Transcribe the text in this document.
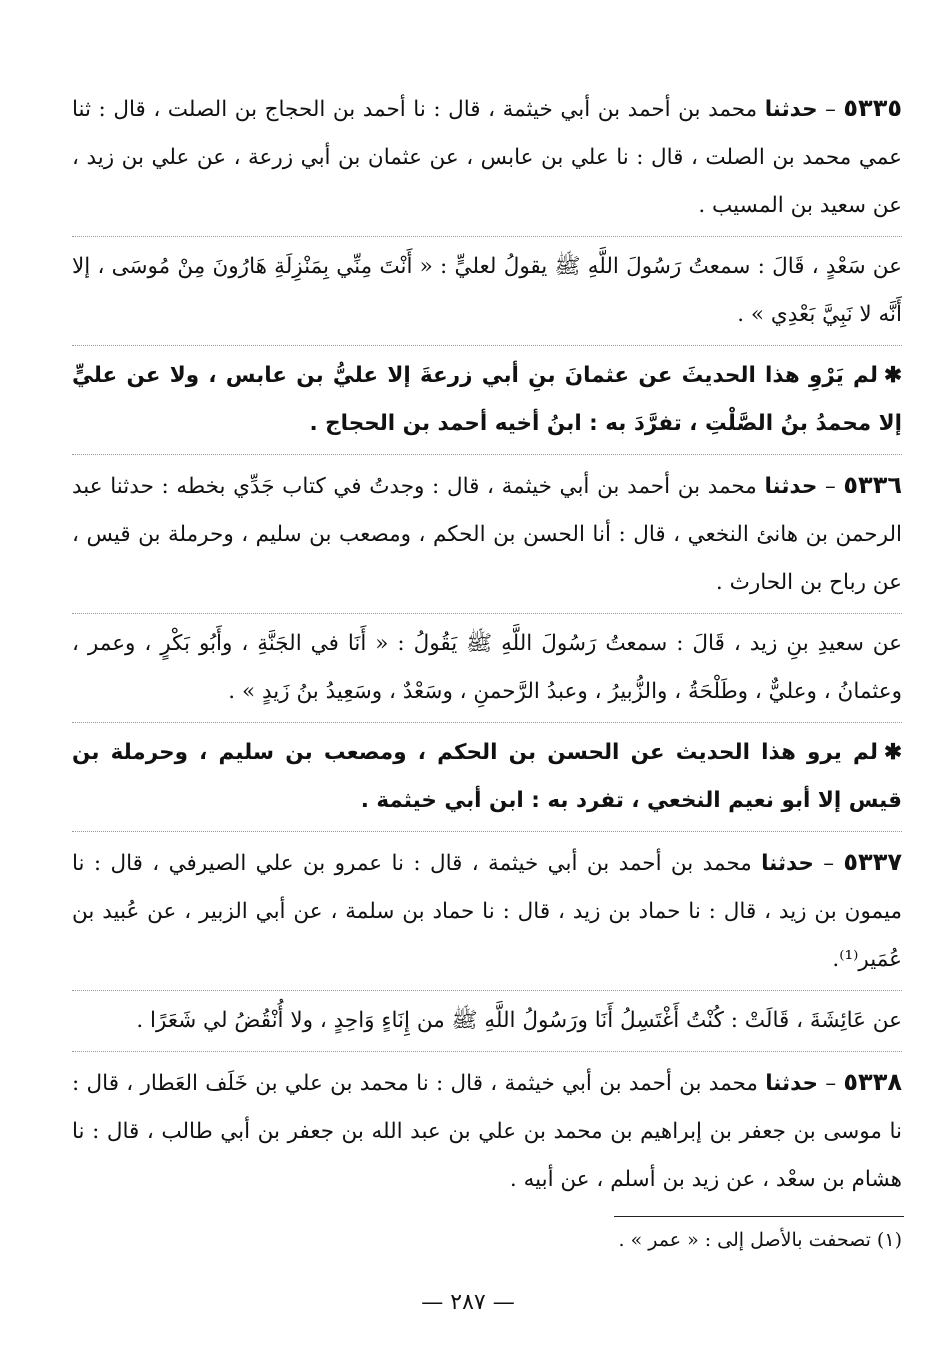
٥٣٣٥ – حدثنا محمد بن أحمد بن أبي خيثمة ، قال : نا أحمد بن الحجاج بن الصلت ، قال : ثنا عمي محمد بن الصلت ، قال : نا علي بن عابس ، عن عثمان بن أبي زرعة ، عن علي بن زيد ، عن سعيد بن المسيب .

عن سَعْدٍ ، قَالَ : سمعتُ رَسُولَ اللَّهِ ﷺ يقولُ لعليٍّ : « أَنْتَ مِنِّي بِمَنْزِلَةِ هَارُونَ مِنْ مُوسَى ، إلا أَنَّه لا نَبِيَّ بَعْدِي » .

✱لم يَرْوِ هذا الحديثَ عن عثمانَ بنِ أبي زرعةَ إلا عليُّ بن عابس ، ولا عن عليٍّ إلا محمدُ بنُ الصَّلْتِ ، تفرَّدَ به : ابنُ أخيه أحمد بن الحجاج .

٥٣٣٦ – حدثنا محمد بن أحمد بن أبي خيثمة ، قال : وجدتُ في كتاب جَدِّي بخطه : حدثنا عبد الرحمن بن هانئ النخعي ، قال : أنا الحسن بن الحكم ، ومصعب بن سليم ، وحرملة بن قيس ، عن رباح بن الحارث .

عن سعيدِ بنِ زيد ، قَالَ : سمعتُ رَسُولَ اللَّهِ ﷺ يَقُولُ : « أَنَا في الجَنَّةِ ، وأَبُو بَكْرٍ ، وعمر ، وعثمانُ ، وعليٌّ ، وطَلْحَةُ ، والزُّبيرُ ، وعبدُ الرَّحمنِ ، وسَعْدٌ ، وسَعِيدُ بنُ زَيدٍ » .

✱لم يرو هذا الحديث عن الحسن بن الحكم ، ومصعب بن سليم ، وحرملة بن قيس إلا أبو نعيم النخعي ، تفرد به : ابن أبي خيثمة .

٥٣٣٧ – حدثنا محمد بن أحمد بن أبي خيثمة ، قال : نا عمرو بن علي الصيرفي ، قال : نا ميمون بن زيد ، قال : نا حماد بن زيد ، قال : نا حماد بن سلمة ، عن أبي الزبير ، عن عُبيد بن عُمَير⁽¹⁾.

عن عَائِشَةَ ، قَالَتْ : كُنْتُ أَغْتَسِلُ أَنَا ورَسُولُ اللَّهِ ﷺ من إِنَاءٍ وَاحِدٍ ، ولا أُنْقُضُ لي شَعَرًا .

٥٣٣٨ – حدثنا محمد بن أحمد بن أبي خيثمة ، قال : نا محمد بن علي بن خَلَف العَطار ، قال : نا موسى بن جعفر بن إبراهيم بن محمد بن علي بن عبد الله بن جعفر بن أبي طالب ، قال : نا هشام بن سعْد ، عن زيد بن أسلم ، عن أبيه .

(١) تصحفت بالأصل إلى : « عمر » .

— ٢٨٧ —
